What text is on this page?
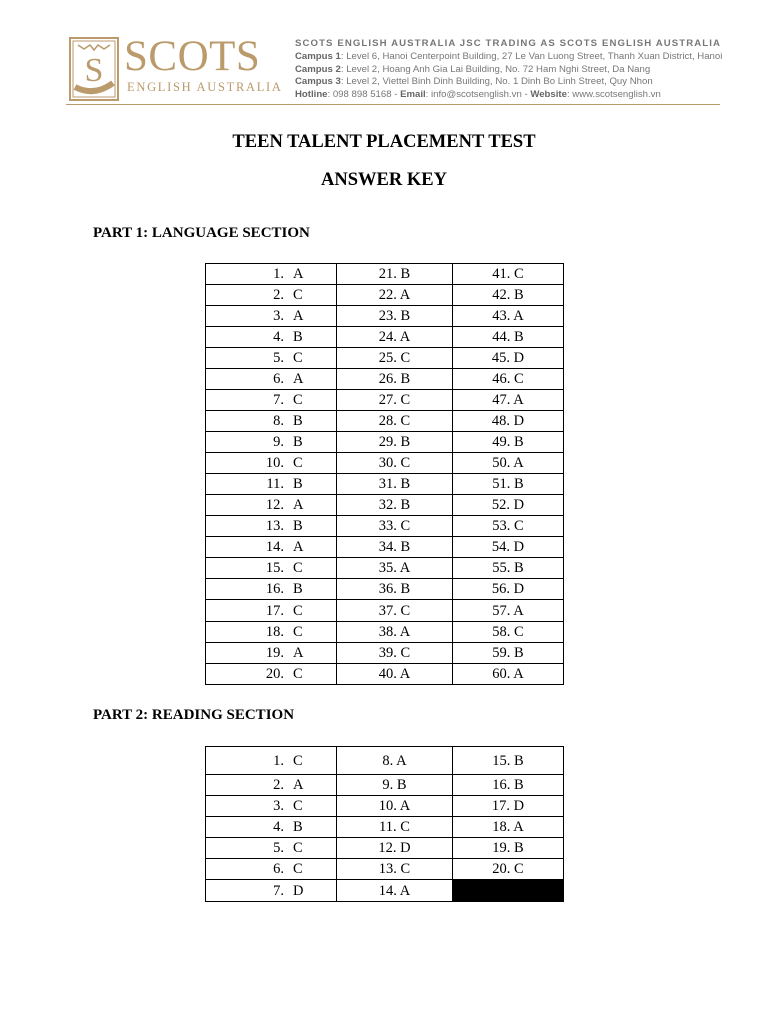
S SCOTS
ENGLISH AUSTRALIA
SCOTS ENGLISH AUSTRALIA JSC TRADING AS SCOTS ENGLISH AUSTRALIA
Campus 1: Level 6, Hanoi Centerpoint Building, 27 Le Van Luong Street, Thanh Xuan District, Hanoi
Campus 2: Level 2, Hoang Anh Gia Lai Building, No. 72 Ham Nghi Street, Da Nang
Campus 3: Level 2, Viettel Binh Dinh Building, No. 1 Dinh Bo Linh Street, Quy Nhon
Hotline: 098 898 5168 - Email: info@scotsenglish.vn - Website: www.scotsenglish.vn
TEEN TALENT PLACEMENT TEST
ANSWER KEY
PART 1: LANGUAGE SECTION
1. A	21. B	41. C
2. C	22. A	42. B
3. A	23. B	43. A
4. B	24. A	44. B
5. C	25. C	45. D
6. A	26. B	46. C
7. C	27. C	47. A
8. B	28. C	48. D
9. B	29. B	49. B
10. C	30. C	50. A
11. B	31. B	51. B
12. A	32. B	52. D
13. B	33. C	53. C
14. A	34. B	54. D
15. C	35. A	55. B
16. B	36. B	56. D
17. C	37. C	57. A
18. C	38. A	58. C
19. A	39. C	59. B
20. C	40. A	60. A
PART 2: READING SECTION
1. C	8. A	15. B
2. A	9. B	16. B
3. C	10. A	17. D
4. B	11. C	18. A
5. C	12. D	19. B
6. C	13. C	20. C
7. D	14. A	
